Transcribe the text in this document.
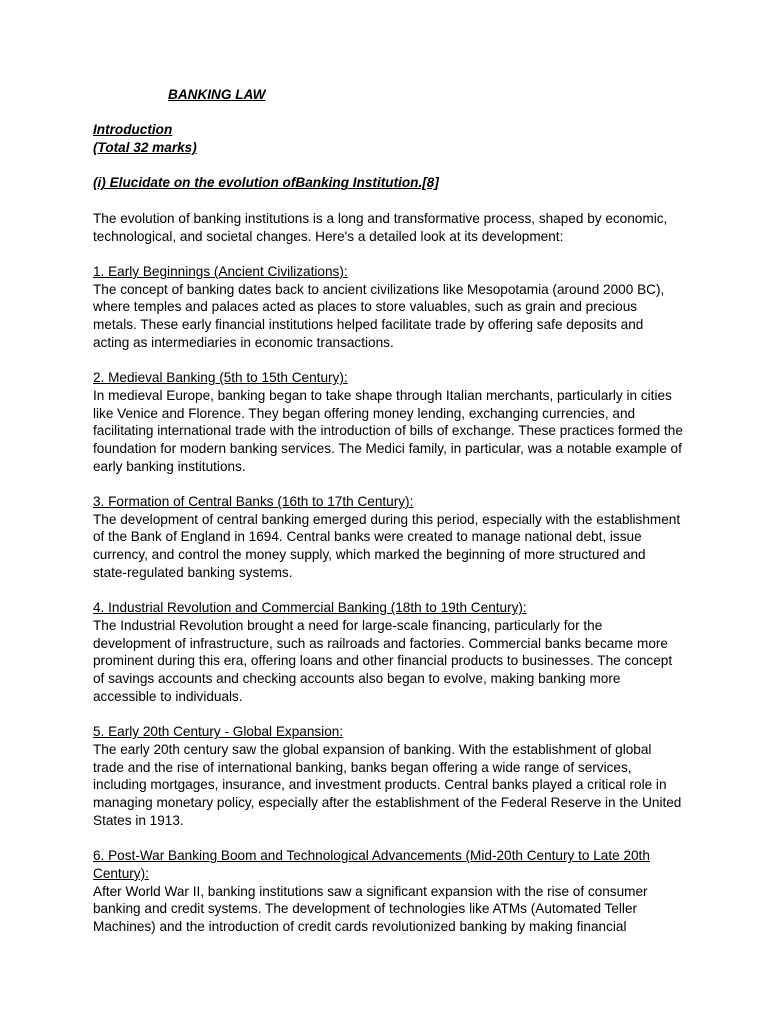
BANKING LAW
Introduction
(Total 32 marks)
(i) Elucidate on the evolution ofBanking Institution.[8]
The evolution of banking institutions is a long and transformative process, shaped by economic, technological, and societal changes. Here's a detailed look at its development:
1. Early Beginnings (Ancient Civilizations):
The concept of banking dates back to ancient civilizations like Mesopotamia (around 2000 BC), where temples and palaces acted as places to store valuables, such as grain and precious metals. These early financial institutions helped facilitate trade by offering safe deposits and acting as intermediaries in economic transactions.
2. Medieval Banking (5th to 15th Century):
In medieval Europe, banking began to take shape through Italian merchants, particularly in cities like Venice and Florence. They began offering money lending, exchanging currencies, and facilitating international trade with the introduction of bills of exchange. These practices formed the foundation for modern banking services. The Medici family, in particular, was a notable example of early banking institutions.
3. Formation of Central Banks (16th to 17th Century):
The development of central banking emerged during this period, especially with the establishment of the Bank of England in 1694. Central banks were created to manage national debt, issue currency, and control the money supply, which marked the beginning of more structured and state-regulated banking systems.
4. Industrial Revolution and Commercial Banking (18th to 19th Century):
The Industrial Revolution brought a need for large-scale financing, particularly for the development of infrastructure, such as railroads and factories. Commercial banks became more prominent during this era, offering loans and other financial products to businesses. The concept of savings accounts and checking accounts also began to evolve, making banking more accessible to individuals.
5. Early 20th Century - Global Expansion:
The early 20th century saw the global expansion of banking. With the establishment of global trade and the rise of international banking, banks began offering a wide range of services, including mortgages, insurance, and investment products. Central banks played a critical role in managing monetary policy, especially after the establishment of the Federal Reserve in the United States in 1913.
6. Post-War Banking Boom and Technological Advancements (Mid-20th Century to Late 20th Century):
After World War II, banking institutions saw a significant expansion with the rise of consumer banking and credit systems. The development of technologies like ATMs (Automated Teller Machines) and the introduction of credit cards revolutionized banking by making financial
